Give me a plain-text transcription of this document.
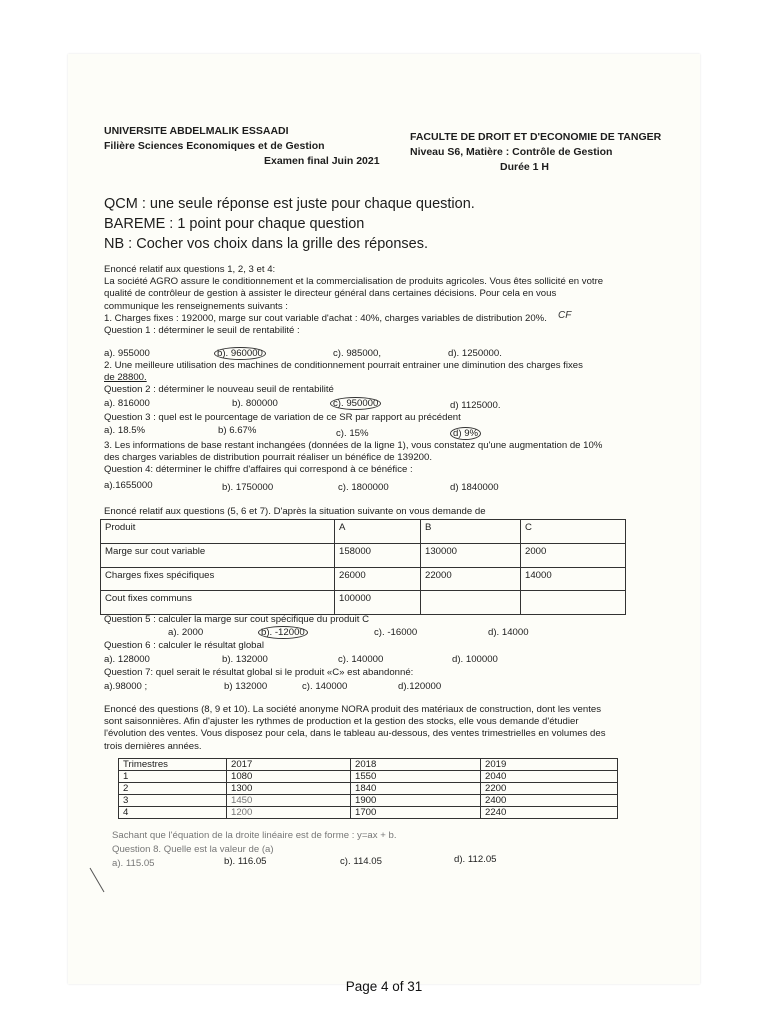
UNIVERSITE ABDELMALIK ESSAADI
Filière Sciences Economiques et de Gestion
Examen final Juin 2021
FACULTE DE DROIT ET D'ECONOMIE DE TANGER
Niveau S6, Matière : Contrôle de Gestion
Durée 1 H
QCM : une seule réponse est juste pour chaque question.
BAREME : 1 point pour chaque question
NB : Cocher vos choix dans la grille des réponses.
Enoncé relatif aux questions 1, 2, 3 et 4:
La société AGRO assure le conditionnement et la commercialisation de produits agricoles. Vous êtes sollicité en votre
qualité de contrôleur de gestion à assister le directeur général dans certaines décisions. Pour cela en vous
communique les renseignements suivants :
1. Charges fixes : 192000, marge sur cout variable d'achat : 40%, charges variables de distribution 20%.
Question 1 : déterminer le seuil de rentabilité :
CF
a). 955000	b). 960000	c). 985000,	d). 1250000.
2. Une meilleure utilisation des machines de conditionnement pourrait entrainer une diminution des charges fixes
de 28800.
Question 2 : déterminer le nouveau seuil de rentabilité
a). 816000	b). 800000	c). 950000	d) 1125000.
Question 3 : quel est le pourcentage de variation de ce SR par rapport au précédent
a). 18.5%	b) 6.67%	c). 15%	d) 9%
3. Les informations de base restant inchangées (données de la ligne 1), vous constatez qu'une augmentation de 10%
des charges variables de distribution pourrait réaliser un bénéfice de 139200.
Question 4: déterminer le chiffre d'affaires qui correspond à ce bénéfice :
a).1655000	b). 1750000	c). 1800000	d) 1840000
Enoncé relatif aux questions (5, 6 et 7). D'après la situation suivante on vous demande de
Produit	A	B	C
Marge sur cout variable	158000	130000	2000
Charges fixes spécifiques	26000	22000	14000
Cout fixes communs	100000		
Question 5 : calculer la marge sur cout spécifique du produit C
a). 2000	b). -12000	c). -16000	d). 14000
Question 6 : calculer le résultat global
a). 128000	b). 132000	c). 140000	d). 100000
Question 7: quel serait le résultat global si le produit «C» est abandonné:
a).98000 ;	b) 132000	c). 140000	d).120000
Enoncé des questions (8, 9 et 10). La société anonyme NORA produit des matériaux de construction, dont les ventes
sont saisonnières. Afin d'ajuster les rythmes de production et la gestion des stocks, elle vous demande d'étudier
l'évolution des ventes. Vous disposez pour cela, dans le tableau au-dessous, des ventes trimestrielles en volumes des
trois dernières années.
Trimestres	2017	2018	2019
1	1080	1550	2040
2	1300	1840	2200
3	1450	1900	2400
4	1200	1700	2240
Sachant que l'équation de la droite linéaire est de forme : y=ax + b.
Question 8. Quelle est la valeur de (a)
a). 115.05	b). 116.05	c). 114.05	d). 112.05
Page 4 of 31
